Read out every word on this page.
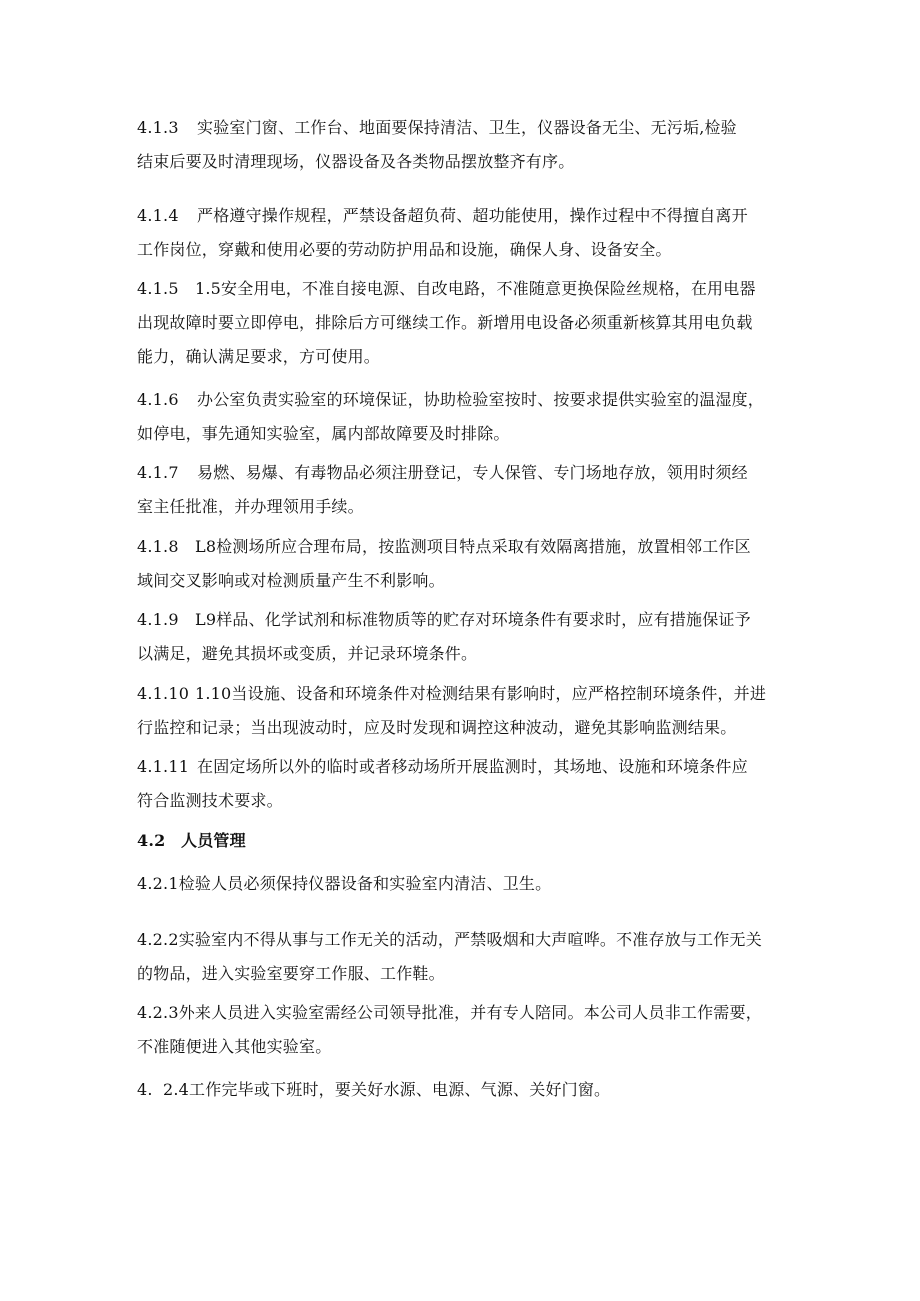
4.1.3 实验室门窗、工作台、地面要保持清洁、卫生，仪器设备无尘、无污垢,检验
结束后要及时清理现场，仪器设备及各类物品摆放整齐有序。

4.1.4 严格遵守操作规程，严禁设备超负荷、超功能使用，操作过程中不得擅自离开
工作岗位，穿戴和使用必要的劳动防护用品和设施，确保人身、设备安全。

4.1.5 1.5安全用电，不准自接电源、自改电路，不准随意更换保险丝规格，在用电器
出现故障时要立即停电，排除后方可继续工作。新增用电设备必须重新核算其用电负载
能力，确认满足要求，方可使用。

4.1.6 办公室负责实验室的环境保证，协助检验室按时、按要求提供实验室的温湿度，
如停电，事先通知实验室，属内部故障要及时排除。

4.1.7 易燃、易爆、有毒物品必须注册登记，专人保管、专门场地存放，领用时须经
室主任批准，并办理领用手续。

4.1.8 L8检测场所应合理布局，按监测项目特点采取有效隔离措施，放置相邻工作区
域间交叉影响或对检测质量产生不利影响。

4.1.9 L9样品、化学试剂和标准物质等的贮存对环境条件有要求时，应有措施保证予
以满足，避免其损坏或变质，并记录环境条件。

4.1.10 1.10当设施、设备和环境条件对检测结果有影响时，应严格控制环境条件，并进
行监控和记录；当出现波动时，应及时发现和调控这种波动，避免其影响监测结果。

4.1.11 在固定场所以外的临时或者移动场所开展监测时，其场地、设施和环境条件应
符合监测技术要求。

4.2 人员管理

4.2.1检验人员必须保持仪器设备和实验室内清洁、卫生。

4.2.2实验室内不得从事与工作无关的活动，严禁吸烟和大声喧哗。不准存放与工作无关
的物品，进入实验室要穿工作服、工作鞋。

4.2.3外来人员进入实验室需经公司领导批准，并有专人陪同。本公司人员非工作需要，
不准随便进入其他实验室。

4. 2.4工作完毕或下班时，要关好水源、电源、气源、关好门窗。
